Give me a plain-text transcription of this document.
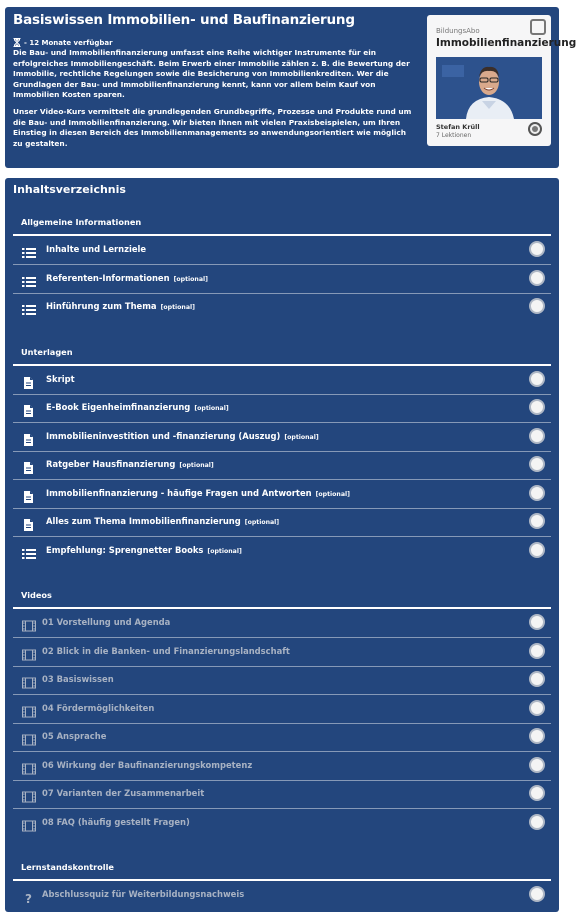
Basiswissen Immobilien- und Baufinanzierung
- 12 Monate verfügbar

Die Bau- und Immobilienfinanzierung umfasst eine Reihe wichtiger Instrumente für ein erfolgreiches Immobiliengeschäft. Beim Erwerb einer Immobilie zählen z. B. die Bewertung der Immobilie, rechtliche Regelungen sowie die Besicherung von Immobilienkrediten. Wer die Grundlagen der Bau- und Immobilienfinanzierung kennt, kann vor allem beim Kauf von Immobilien Kosten sparen.

Unser Video-Kurs vermittelt die grundlegenden Grundbegriffe, Prozesse und Produkte rund um die Bau- und Immobilienfinanzierung. Wir bieten Ihnen mit vielen Praxisbeispielen, um Ihren Einstieg in diesen Bereich des Immobilienmanagements so anwendungsorientiert wie möglich zu gestalten.

BildungsAbo
Immobilienfinanzierung
Stefan Krüll
7 Lektionen
Inhaltsverzeichnis
Allgemeine Informationen
Inhalte und Lernziele
Referenten-Informationen [optional]
Hinführung zum Thema [optional]
Unterlagen
Skript
E-Book Eigenheimfinanzierung [optional]
Immobilieninvestition und -finanzierung (Auszug) [optional]
Ratgeber Hausfinanzierung [optional]
Immobilienfinanzierung - häufige Fragen und Antworten [optional]
Alles zum Thema Immobilienfinanzierung [optional]
Empfehlung: Sprengnetter Books [optional]
Videos
01 Vorstellung und Agenda
02 Blick in die Banken- und Finanzierungslandschaft
03 Basiswissen
04 Fördermöglichkeiten
05 Ansprache
06 Wirkung der Baufinanzierungskompetenz
07 Varianten der Zusammenarbeit
08 FAQ (häufig gestellt Fragen)
Lernstandskontrolle
? Abschlussquiz für Weiterbildungsnachweis
